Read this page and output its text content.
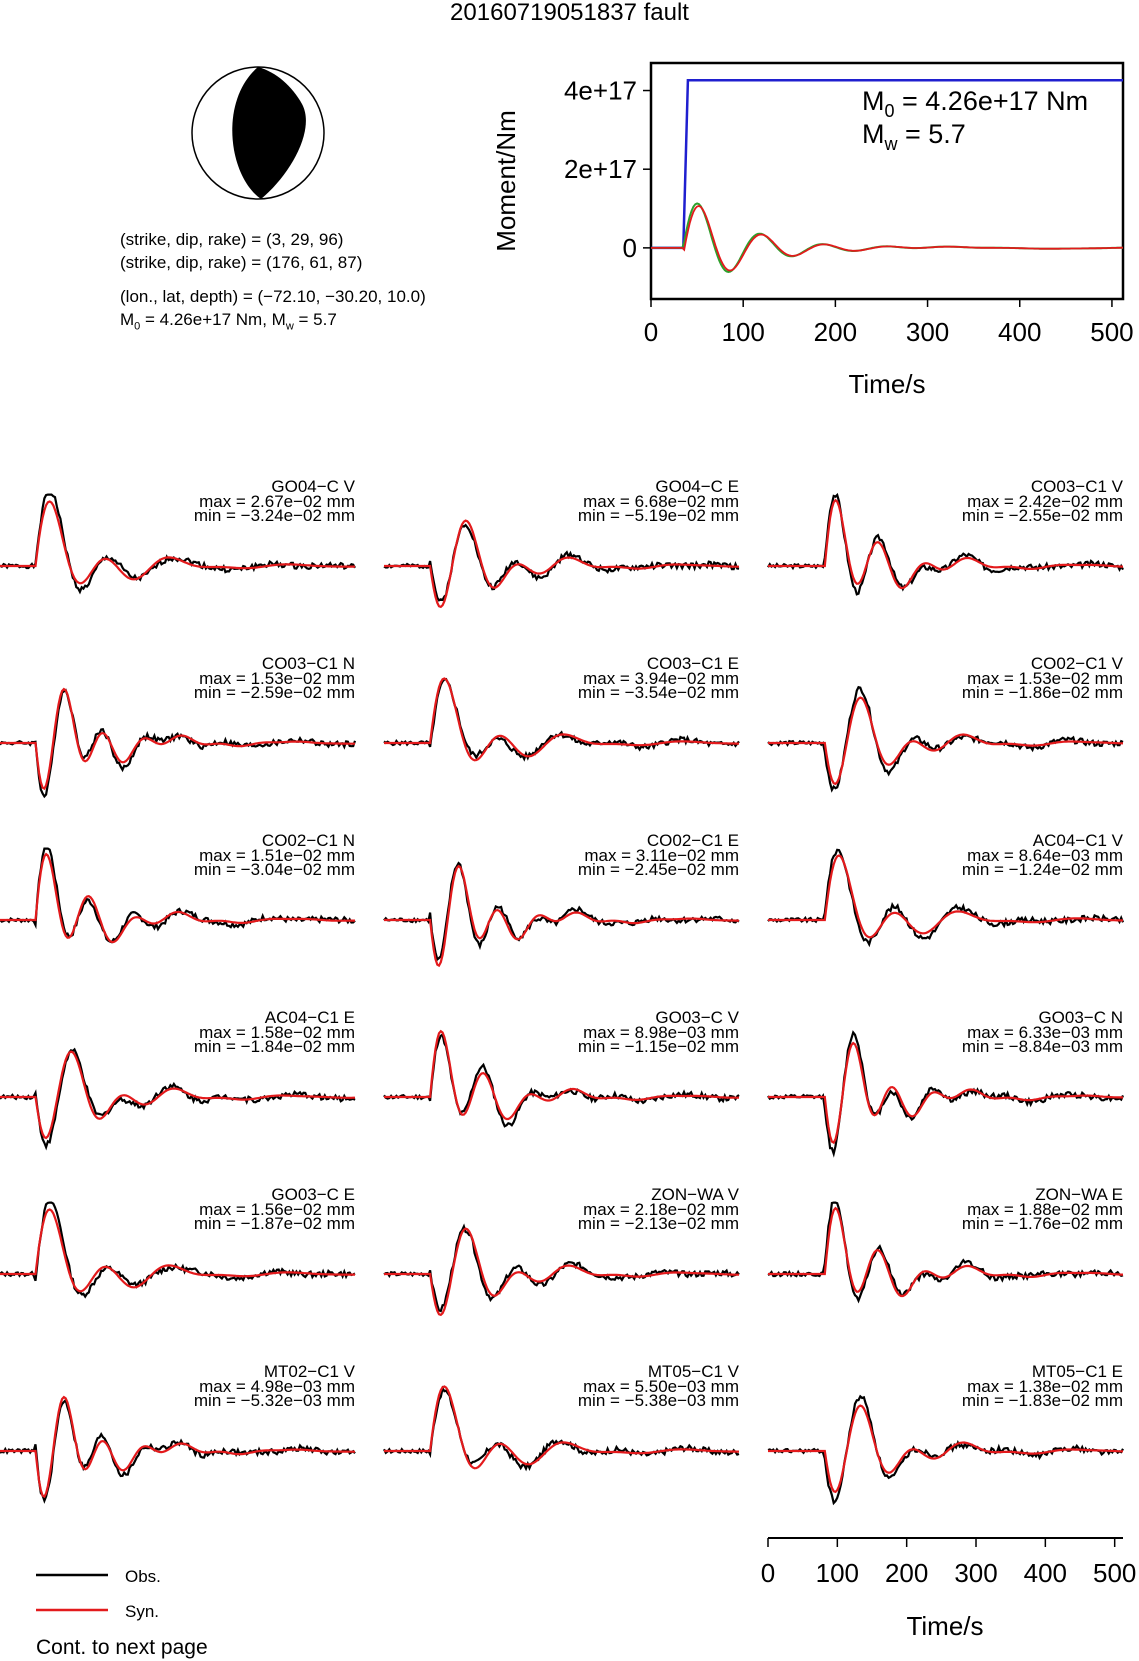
20160719051837 fault
0 100 200 300 400 500
0
2e+17
4e+17
Time/s
Moment/Nm
$M_0 = 4.26e+17$ Nm
$M_w = 5.7$
GO04−C V
max = 2.67e−02 mm
min = −3.24e−02 mm
GO04−C E
max = 6.68e−02 mm
min = −5.19e−02 mm
CO03−C1 V
max = 2.42e−02 mm
min = −2.55e−02 mm
CO03−C1 N
max = 1.53e−02 mm
min = −2.59e−02 mm
CO03−C1 E
max = 3.94e−02 mm
min = −3.54e−02 mm
CO02−C1 V
max = 1.53e−02 mm
min = −1.86e−02 mm
CO02−C1 N
max = 1.51e−02 mm
min = −3.04e−02 mm
CO02−C1 E
max = 3.11e−02 mm
min = −2.45e−02 mm
AC04−C1 V
max = 8.64e−03 mm
min = −1.24e−02 mm
AC04−C1 E
max = 1.58e−02 mm
min = −1.84e−02 mm
GO03−C V
max = 8.98e−03 mm
min = −1.15e−02 mm
GO03−C N
max = 6.33e−03 mm
min = −8.84e−03 mm
GO03−C E
max = 1.56e−02 mm
min = −1.87e−02 mm
ZON−WA V
max = 2.18e−02 mm
min = −2.13e−02 mm
ZON−WA E
max = 1.88e−02 mm
min = −1.76e−02 mm
MT02−C1 V
max = 4.98e−03 mm
min = −5.32e−03 mm
MT05−C1 V
max = 5.50e−03 mm
min = −5.38e−03 mm
MT05−C1 E
max = 1.38e−02 mm
min = −1.83e−02 mm
0 100 200 300 400 500
Time/s
Obs.
Syn.
Cont. to next page
(strike, dip, rake) = (3, 29, 96)
(strike, dip, rake) = (176, 61, 87)
(lon., lat, depth) = (−72.10, −30.20, 10.0)
$M_0 = 4.26e+17$ Nm, $M_w = 5.7$
